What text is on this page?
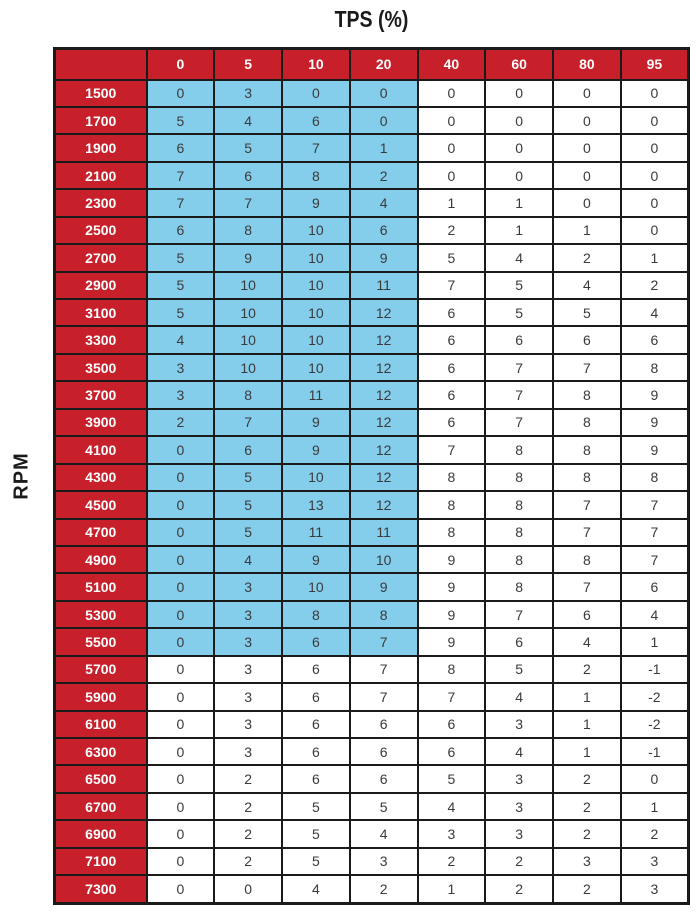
TPS (%)
RPM
	0	5	10	20	40	60	80	95
1500	0	3	0	0	0	0	0	0
1700	5	4	6	0	0	0	0	0
1900	6	5	7	1	0	0	0	0
2100	7	6	8	2	0	0	0	0
2300	7	7	9	4	1	1	0	0
2500	6	8	10	6	2	1	1	0
2700	5	9	10	9	5	4	2	1
2900	5	10	10	11	7	5	4	2
3100	5	10	10	12	6	5	5	4
3300	4	10	10	12	6	6	6	6
3500	3	10	10	12	6	7	7	8
3700	3	8	11	12	6	7	8	9
3900	2	7	9	12	6	7	8	9
4100	0	6	9	12	7	8	8	9
4300	0	5	10	12	8	8	8	8
4500	0	5	13	12	8	8	7	7
4700	0	5	11	11	8	8	7	7
4900	0	4	9	10	9	8	8	7
5100	0	3	10	9	9	8	7	6
5300	0	3	8	8	9	7	6	4
5500	0	3	6	7	9	6	4	1
5700	0	3	6	7	8	5	2	-1
5900	0	3	6	7	7	4	1	-2
6100	0	3	6	6	6	3	1	-2
6300	0	3	6	6	6	4	1	-1
6500	0	2	6	6	5	3	2	0
6700	0	2	5	5	4	3	2	1
6900	0	2	5	4	3	3	2	2
7100	0	2	5	3	2	2	3	3
7300	0	0	4	2	1	2	2	3
